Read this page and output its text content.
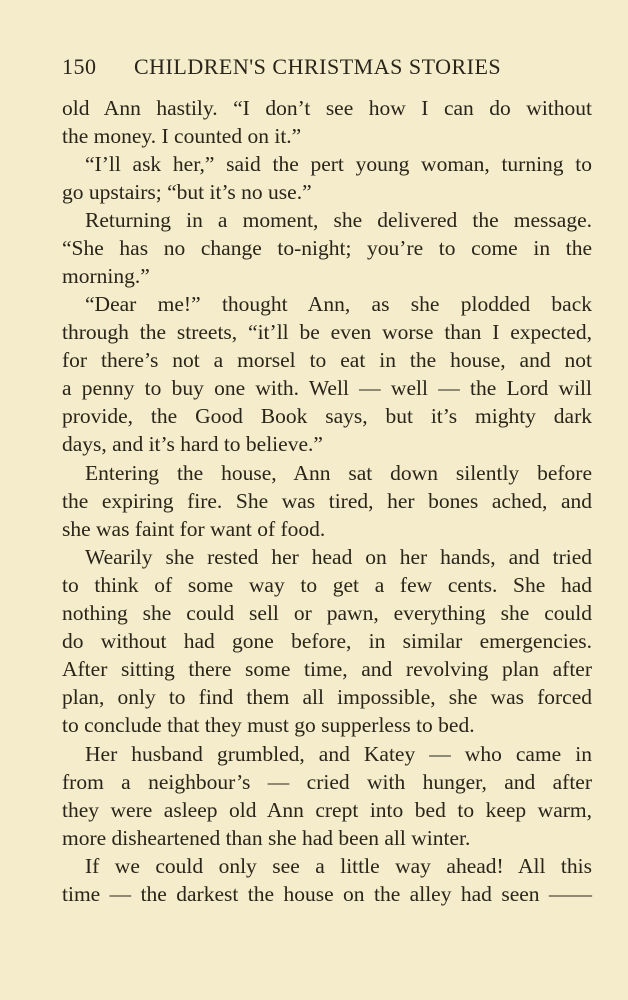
150 CHILDREN'S CHRISTMAS STORIES
old Ann hastily. “I don’t see how I can do without
the money. I counted on it.”
“I’ll ask her,” said the pert young woman, turning to
go upstairs; “but it’s no use.”
Returning in a moment, she delivered the message.
“She has no change to-night; you’re to come in the
morning.”
“Dear me!” thought Ann, as she plodded back
through the streets, “it’ll be even worse than I expected,
for there’s not a morsel to eat in the house, and not
a penny to buy one with. Well — well — the Lord will
provide, the Good Book says, but it’s mighty dark
days, and it’s hard to believe.”
Entering the house, Ann sat down silently before
the expiring fire. She was tired, her bones ached, and
she was faint for want of food.
Wearily she rested her head on her hands, and tried
to think of some way to get a few cents. She had
nothing she could sell or pawn, everything she could
do without had gone before, in similar emergencies.
After sitting there some time, and revolving plan after
plan, only to find them all impossible, she was forced
to conclude that they must go supperless to bed.
Her husband grumbled, and Katey — who came in
from a neighbour’s — cried with hunger, and after
they were asleep old Ann crept into bed to keep warm,
more disheartened than she had been all winter.
If we could only see a little way ahead! All this
time — the darkest the house on the alley had seen ——
